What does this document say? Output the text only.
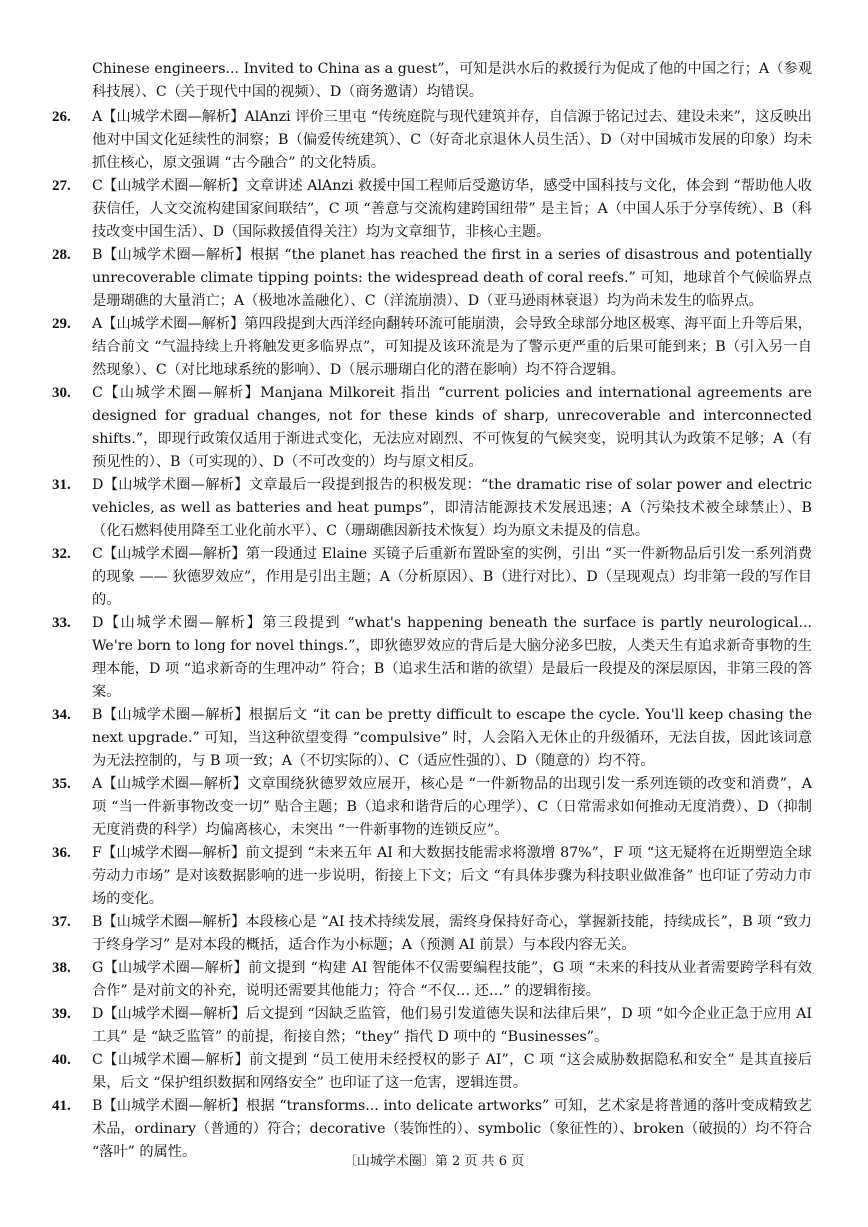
Chinese engineers... Invited to China as a guest”，可知是洪水后的救援行为促成了他的中国之行；A（参观科技展）、C（关于现代中国的视频）、D（商务邀请）均错误。
26.	A【山城学术圈—解析】AlAnzi 评价三里屯 “传统庭院与现代建筑并存，自信源于铭记过去、建设未来”，这反映出他对中国文化延续性的洞察；B（偏爱传统建筑）、C（好奇北京退休人员生活）、D（对中国城市发展的印象）均未抓住核心，原文强调 “古今融合” 的文化特质。
27.	C【山城学术圈—解析】文章讲述 AlAnzi 救援中国工程师后受邀访华，感受中国科技与文化，体会到 “帮助他人收获信任，人文交流构建国家间联结”，C 项 “善意与交流构建跨国纽带” 是主旨；A（中国人乐于分享传统）、B（科技改变中国生活）、D（国际救援值得关注）均为文章细节，非核心主题。
28.	B【山城学术圈—解析】根据 “the planet has reached the first in a series of disastrous and potentially unrecoverable climate tipping points: the widespread death of coral reefs.” 可知，地球首个气候临界点是珊瑚礁的大量消亡；A（极地冰盖融化）、C（洋流崩溃）、D（亚马逊雨林衰退）均为尚未发生的临界点。
29.	A【山城学术圈—解析】第四段提到大西洋经向翻转环流可能崩溃，会导致全球部分地区极寒、海平面上升等后果，结合前文 “气温持续上升将触发更多临界点”，可知提及该环流是为了警示更严重的后果可能到来；B（引入另一自然现象）、C（对比地球系统的影响）、D（展示珊瑚白化的潜在影响）均不符合逻辑。
30.	C【山城学术圈—解析】Manjana Milkoreit 指出 “current policies and international agreements are designed for gradual changes, not for these kinds of sharp, unrecoverable and interconnected shifts.”，即现行政策仅适用于渐进式变化，无法应对剧烈、不可恢复的气候突变，说明其认为政策不足够；A（有预见性的）、B（可实现的）、D（不可改变的）均与原文相反。
31.	D【山城学术圈—解析】文章最后一段提到报告的积极发现：“the dramatic rise of solar power and electric vehicles, as well as batteries and heat pumps”，即清洁能源技术发展迅速；A（污染技术被全球禁止）、B（化石燃料使用降至工业化前水平）、C（珊瑚礁因新技术恢复）均为原文未提及的信息。
32.	C【山城学术圈—解析】第一段通过 Elaine 买镜子后重新布置卧室的实例，引出 “买一件新物品后引发一系列消费的现象 —— 狄德罗效应”，作用是引出主题；A（分析原因）、B（进行对比）、D（呈现观点）均非第一段的写作目的。
33.	D【山城学术圈—解析】第三段提到 “what's happening beneath the surface is partly neurological... We're born to long for novel things.”，即狄德罗效应的背后是大脑分泌多巴胺，人类天生有追求新奇事物的生理本能，D 项 “追求新奇的生理冲动” 符合；B（追求生活和谐的欲望）是最后一段提及的深层原因，非第三段的答案。
34.	B【山城学术圈—解析】根据后文 “it can be pretty difficult to escape the cycle. You'll keep chasing the next upgrade.” 可知，当这种欲望变得 “compulsive” 时，人会陷入无休止的升级循环，无法自拔，因此该词意为无法控制的，与 B 项一致；A（不切实际的）、C（适应性强的）、D（随意的）均不符。
35.	A【山城学术圈—解析】文章围绕狄德罗效应展开，核心是 “一件新物品的出现引发一系列连锁的改变和消费”，A 项 “当一件新事物改变一切” 贴合主题；B（追求和谐背后的心理学）、C（日常需求如何推动无度消费）、D（抑制无度消费的科学）均偏离核心，未突出 “一件新事物的连锁反应”。
36.	F【山城学术圈—解析】前文提到 “未来五年 AI 和大数据技能需求将激增 87%”，F 项 “这无疑将在近期塑造全球劳动力市场” 是对该数据影响的进一步说明，衔接上下文；后文 “有具体步骤为科技职业做准备” 也印证了劳动力市场的变化。
37.	B【山城学术圈—解析】本段核心是 “AI 技术持续发展，需终身保持好奇心，掌握新技能，持续成长”，B 项 “致力于终身学习” 是对本段的概括，适合作为小标题；A（预测 AI 前景）与本段内容无关。
38.	G【山城学术圈—解析】前文提到 “构建 AI 智能体不仅需要编程技能”，G 项 “未来的科技从业者需要跨学科有效合作” 是对前文的补充，说明还需要其他能力；符合 “不仅… 还…” 的逻辑衔接。
39.	D【山城学术圈—解析】后文提到 “因缺乏监管，他们易引发道德失误和法律后果”，D 项 “如今企业正急于应用 AI 工具” 是 “缺乏监管” 的前提，衔接自然；“they” 指代 D 项中的 “Businesses”。
40.	C【山城学术圈—解析】前文提到 “员工使用未经授权的影子 AI”，C 项 “这会威胁数据隐私和安全” 是其直接后果，后文 “保护组织数据和网络安全” 也印证了这一危害，逻辑连贯。
41.	B【山城学术圈—解析】根据 “transforms... into delicate artworks” 可知，艺术家是将普通的落叶变成精致艺术品，ordinary（普通的）符合；decorative（装饰性的）、symbolic（象征性的）、broken（破损的）均不符合 “落叶” 的属性。
〔山城学术圈〕第 2 页 共 6 页
